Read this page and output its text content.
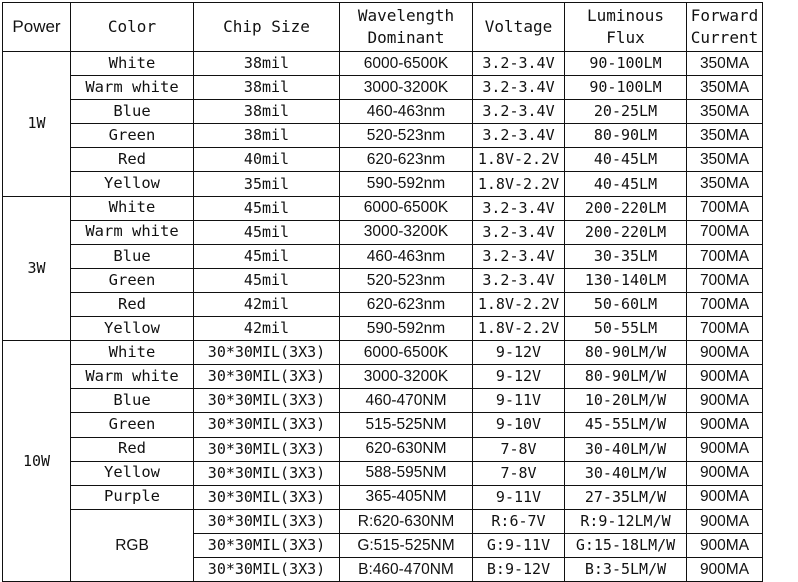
Power	Color	Chip Size	Wavelength Dominant	Voltage	Luminous Flux	Forward Current
1W	White	38mil	6000-6500K	3.2-3.4V	90-100LM	350MA
	Warm white	38mil	3000-3200K	3.2-3.4V	90-100LM	350MA
	Blue	38mil	460-463nm	3.2-3.4V	20-25LM	350MA
	Green	38mil	520-523nm	3.2-3.4V	80-90LM	350MA
	Red	40mil	620-623nm	1.8V-2.2V	40-45LM	350MA
	Yellow	35mil	590-592nm	1.8V-2.2V	40-45LM	350MA
3W	White	45mil	6000-6500K	3.2-3.4V	200-220LM	700MA
	Warm white	45mil	3000-3200K	3.2-3.4V	200-220LM	700MA
	Blue	45mil	460-463nm	3.2-3.4V	30-35LM	700MA
	Green	45mil	520-523nm	3.2-3.4V	130-140LM	700MA
	Red	42mil	620-623nm	1.8V-2.2V	50-60LM	700MA
	Yellow	42mil	590-592nm	1.8V-2.2V	50-55LM	700MA
10W	White	30*30MIL(3X3)	6000-6500K	9-12V	80-90LM/W	900MA
	Warm white	30*30MIL(3X3)	3000-3200K	9-12V	80-90LM/W	900MA
	Blue	30*30MIL(3X3)	460-470NM	9-11V	10-20LM/W	900MA
	Green	30*30MIL(3X3)	515-525NM	9-10V	45-55LM/W	900MA
	Red	30*30MIL(3X3)	620-630NM	7-8V	30-40LM/W	900MA
	Yellow	30*30MIL(3X3)	588-595NM	7-8V	30-40LM/W	900MA
	Purple	30*30MIL(3X3)	365-405NM	9-11V	27-35LM/W	900MA
	RGB	30*30MIL(3X3)	R:620-630NM	R:6-7V	R:9-12LM/W	900MA
		30*30MIL(3X3)	G:515-525NM	G:9-11V	G:15-18LM/W	900MA
		30*30MIL(3X3)	B:460-470NM	B:9-12V	B:3-5LM/W	900MA
